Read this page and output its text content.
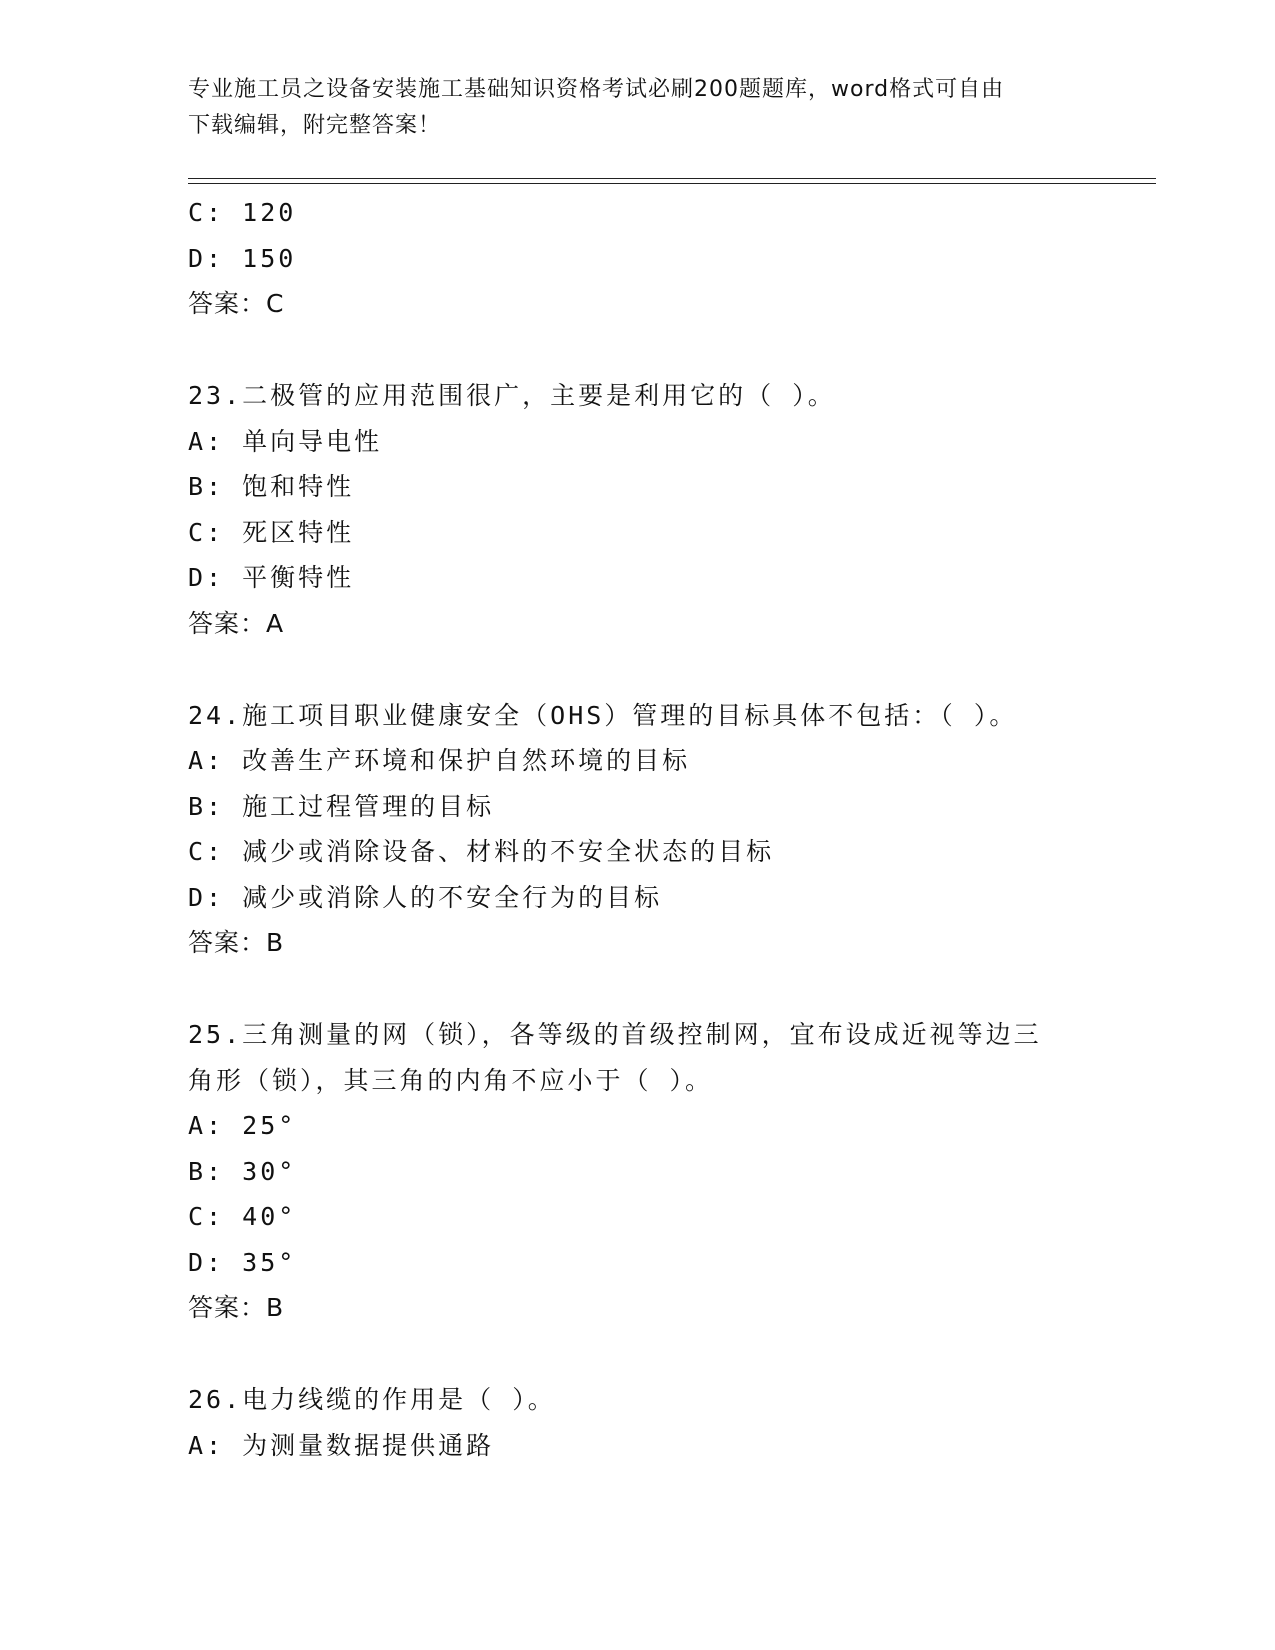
专业施工员之设备安装施工基础知识资格考试必刷200题题库，word格式可自由
下载编辑，附完整答案！
C: 120
D: 150
答案：C
23.二极管的应用范围很广，主要是利用它的（ ）。
A: 单向导电性
B: 饱和特性
C: 死区特性
D: 平衡特性
答案：A
24.施工项目职业健康安全（OHS）管理的目标具体不包括：（ ）。
A: 改善生产环境和保护自然环境的目标
B: 施工过程管理的目标
C: 减少或消除设备、材料的不安全状态的目标
D: 减少或消除人的不安全行为的目标
答案：B
25.三角测量的网（锁），各等级的首级控制网，宜布设成近视等边三
角形（锁），其三角的内角不应小于（ ）。
A: 25°
B: 30°
C: 40°
D: 35°
答案：B
26.电力线缆的作用是（ ）。
A: 为测量数据提供通路
